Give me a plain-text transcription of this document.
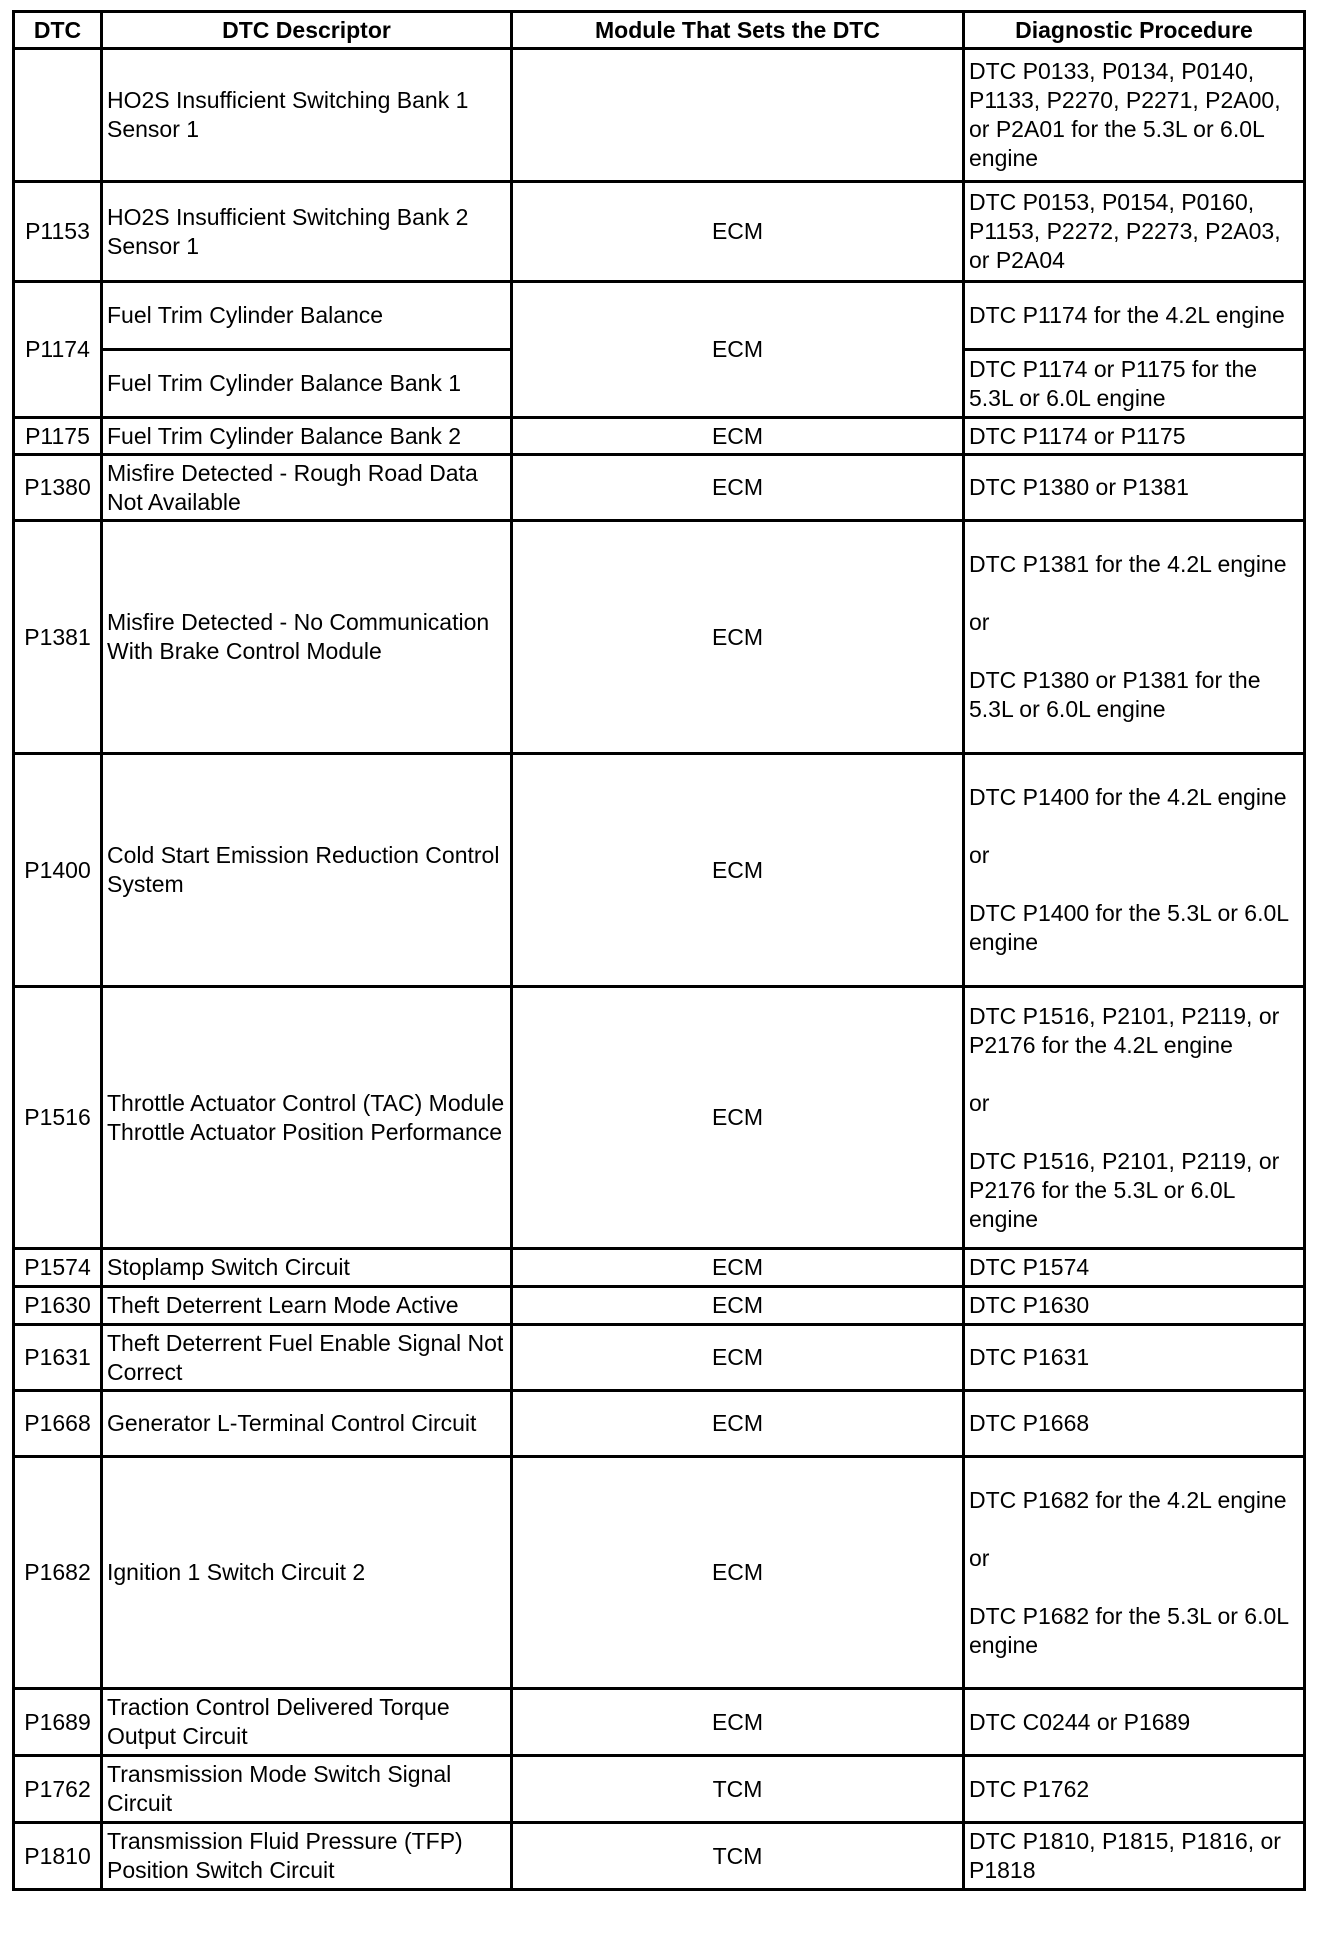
DTC	DTC Descriptor	Module That Sets the DTC	Diagnostic Procedure
	HO2S Insufficient Switching Bank 1 Sensor 1		DTC P0133, P0134, P0140, P1133, P2270, P2271, P2A00, or P2A01 for the 5.3L or 6.0L engine
P1153	HO2S Insufficient Switching Bank 2 Sensor 1	ECM	DTC P0153, P0154, P0160, P1153, P2272, P2273, P2A03, or P2A04
P1174	Fuel Trim Cylinder Balance	ECM	DTC P1174 for the 4.2L engine
	Fuel Trim Cylinder Balance Bank 1		DTC P1174 or P1175 for the 5.3L or 6.0L engine
P1175	Fuel Trim Cylinder Balance Bank 2	ECM	DTC P1174 or P1175
P1380	Misfire Detected - Rough Road Data Not Available	ECM	DTC P1380 or P1381
P1381	Misfire Detected - No Communication With Brake Control Module	ECM	DTC P1381 for the 4.2L engine

or

DTC P1380 or P1381 for the 5.3L or 6.0L engine
P1400	Cold Start Emission Reduction Control System	ECM	DTC P1400 for the 4.2L engine

or

DTC P1400 for the 5.3L or 6.0L engine
P1516	Throttle Actuator Control (TAC) Module Throttle Actuator Position Performance	ECM	DTC P1516, P2101, P2119, or P2176 for the 4.2L engine

or

DTC P1516, P2101, P2119, or P2176 for the 5.3L or 6.0L engine
P1574	Stoplamp Switch Circuit	ECM	DTC P1574
P1630	Theft Deterrent Learn Mode Active	ECM	DTC P1630
P1631	Theft Deterrent Fuel Enable Signal Not Correct	ECM	DTC P1631
P1668	Generator L-Terminal Control Circuit	ECM	DTC P1668
P1682	Ignition 1 Switch Circuit 2	ECM	DTC P1682 for the 4.2L engine

or

DTC P1682 for the 5.3L or 6.0L engine
P1689	Traction Control Delivered Torque Output Circuit	ECM	DTC C0244 or P1689
P1762	Transmission Mode Switch Signal Circuit	TCM	DTC P1762
P1810	Transmission Fluid Pressure (TFP) Position Switch Circuit	TCM	DTC P1810, P1815, P1816, or P1818
